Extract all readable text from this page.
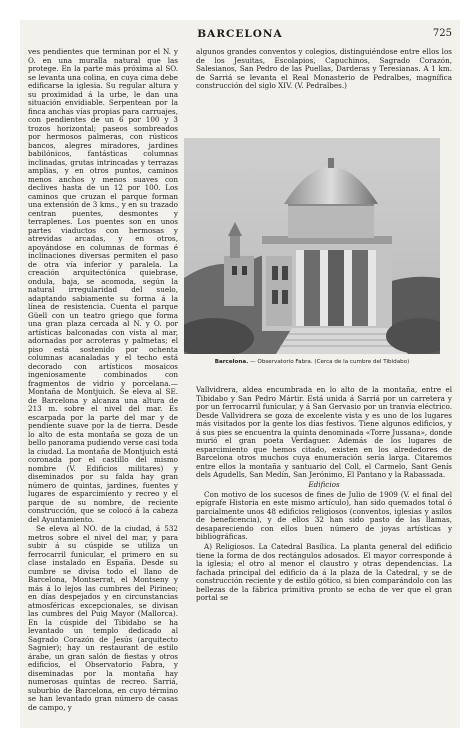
BARCELONA	725

ves pendientes que terminan por el N. y O. en una muralla natural que las protege. En la parte más próxima al SO. se levanta una colina, en cuya cima debe edificarse la iglesia. Su regular altura y su proximidad á la urbe, le dan una situación envidiable. Serpentean por la finca anchas vías propias para carruajes, con pendientes de un 6 por 100 y 3 trozos horizontal; paseos sombreados por hermosos palmeras, con rústicos bancos, alegres miradores, jardines babilónicos, fantásticas columnas inclinadas, grutas intrincadas y terrazas amplias, y en otros puntos, caminos menos anchos y menos suaves con declives hasta de un 12 por 100. Los caminos que cruzan el parque forman una extensión de 3 kms., y en su trazado centran puentes, desmontes y terraplenes. Los puentes son en unos partes viaductos con hermosas y atrevidas arcadas, y en otros, apoyándose en columnas de formas é inclinaciones diversas permiten el paso de otra vía inferior y paralela. La creación arquitectónica quiebrase, ondula, baja, se acomoda, según la natural irregularidad del suelo, adaptando sabiamente su forma á la línea de resistencia. Cuenta el parque Güell con un teatro griego que forma una gran plaza cercada al N. y O. por artísticas balconadas con vista al mar, adornadas por acroteras y palmetas; el piso está sostenido por ochenta columnas acanaladas y el techo está decorado con artísticos mosaicos ingeniosamente combinados con fragmentos de vidrio y porcelana.—Montaña de Montjuich. Se eleva al SE. de Barcelona y alcanza una altura de 213 m. sobre el nivel del mar. Es escarpada por la parte del mar y de pendiente suave por la de tierra. Desde lo alto de esta montaña se goza de un bello panorama pudiendo verse casi toda la ciudad. La montaña de Montjuich está coronada por el castillo del mismo nombre (V. Edificios militares) y diseminados por su falda hay gran número de quintas, jardines, fuentes y lugares de esparcimiento y recreo y el parque de su nombre, de reciente construcción, que se colocó á la cabeza del Ayuntamiento.

Se eleva al NO. de la ciudad, á 532 metros sobre el nivel del mar, y para subir á su cúspide se utiliza un ferrocarril funicular, el primero en su clase instalado en España. Desde su cumbre se divisa todo el llano de Barcelona, Montserrat, el Montseny y más á lo lejos las cumbres del Pirineo; en días despejados y en circunstancias atmosféricas excepcionales, se divisan las cumbres del Puig Mayor (Mallorca). En la cúspide del Tibidabo se ha levantado un templo dedicado al Sagrado Corazón de Jesús (arquitecto Sagnier); hay un restaurant de estilo árabe, un gran salón de fiestas y otros edificios, el Observatorio Fabra, y diseminadas por la montaña hay numerosas quintas de recreo. Sarriá, suburbio de Barcelona, en cuyo término se han levantado gran número de casas de campo, y

algunos grandes conventos y colegios, distinguiéndose entre ellos los de los Jesuitas, Escolapios, Capuchinos, Sagrado Corazón, Salesianos, San Pedro de las Puellas, Darderas y Teresianas. A 1 km. de Sarriá se levanta el Real Monasterio de Pedralbes, magnífica construcción del siglo XIV. (V. Pedralbes.)

Barcelona. — Observatorio Fabra. (Cerca de la cumbre del Tibidabo)

Vallvidrera, aldea encumbrada en lo alto de la montaña, entre el Tibidabo y San Pedro Mártir. Está unida á Sarriá por un carretera y por un ferrocarril funicular, y á San Gervasio por un tranvía eléctrico. Desde Vallvidrera se goza de excelente vista y es uno de los lugares más visitados por la gente los días festivos. Tiene algunos edificios, y á sus pies se encuentra la quinta denominada «Torre Jussana», donde murió el gran poeta Verdaguer. Además de los lugares de esparcimiento que hemos citado, existen en los alrededores de Barcelona otros muchos cuya enumeración sería larga. Citaremos entre ellos la montaña y santuario del Coll, el Carmelo, Sant Genís dels Agudells, San Medín, San Jerónimo, El Pantano y la Rabassada.

Edificios

Con motivo de los sucesos de fines de Julio de 1909 (V. el final del epígrafe Historia en este mismo artículo), han sido quemados total ó parcialmente unos 48 edificios religiosos (conventos, iglesias y asilos de beneficencia), y de ellos 32 han sido pasto de las llamas, desapareciendo con ellos buen número de joyas artísticas y bibliográficas.

A) Religiosos. La Catedral Basílica. La planta general del edificio tiene la forma de dos rectángulos adosados. El mayor corresponde á la iglesia; el otro al menor el claustro y otras dependencias. La fachada principal del edificio da á la plaza de la Catedral, y se de construcción reciente y de estilo gótico, si bien comparándolo con las bellezas de la fábrica primitiva pronto se echa de ver que el gran portal se
